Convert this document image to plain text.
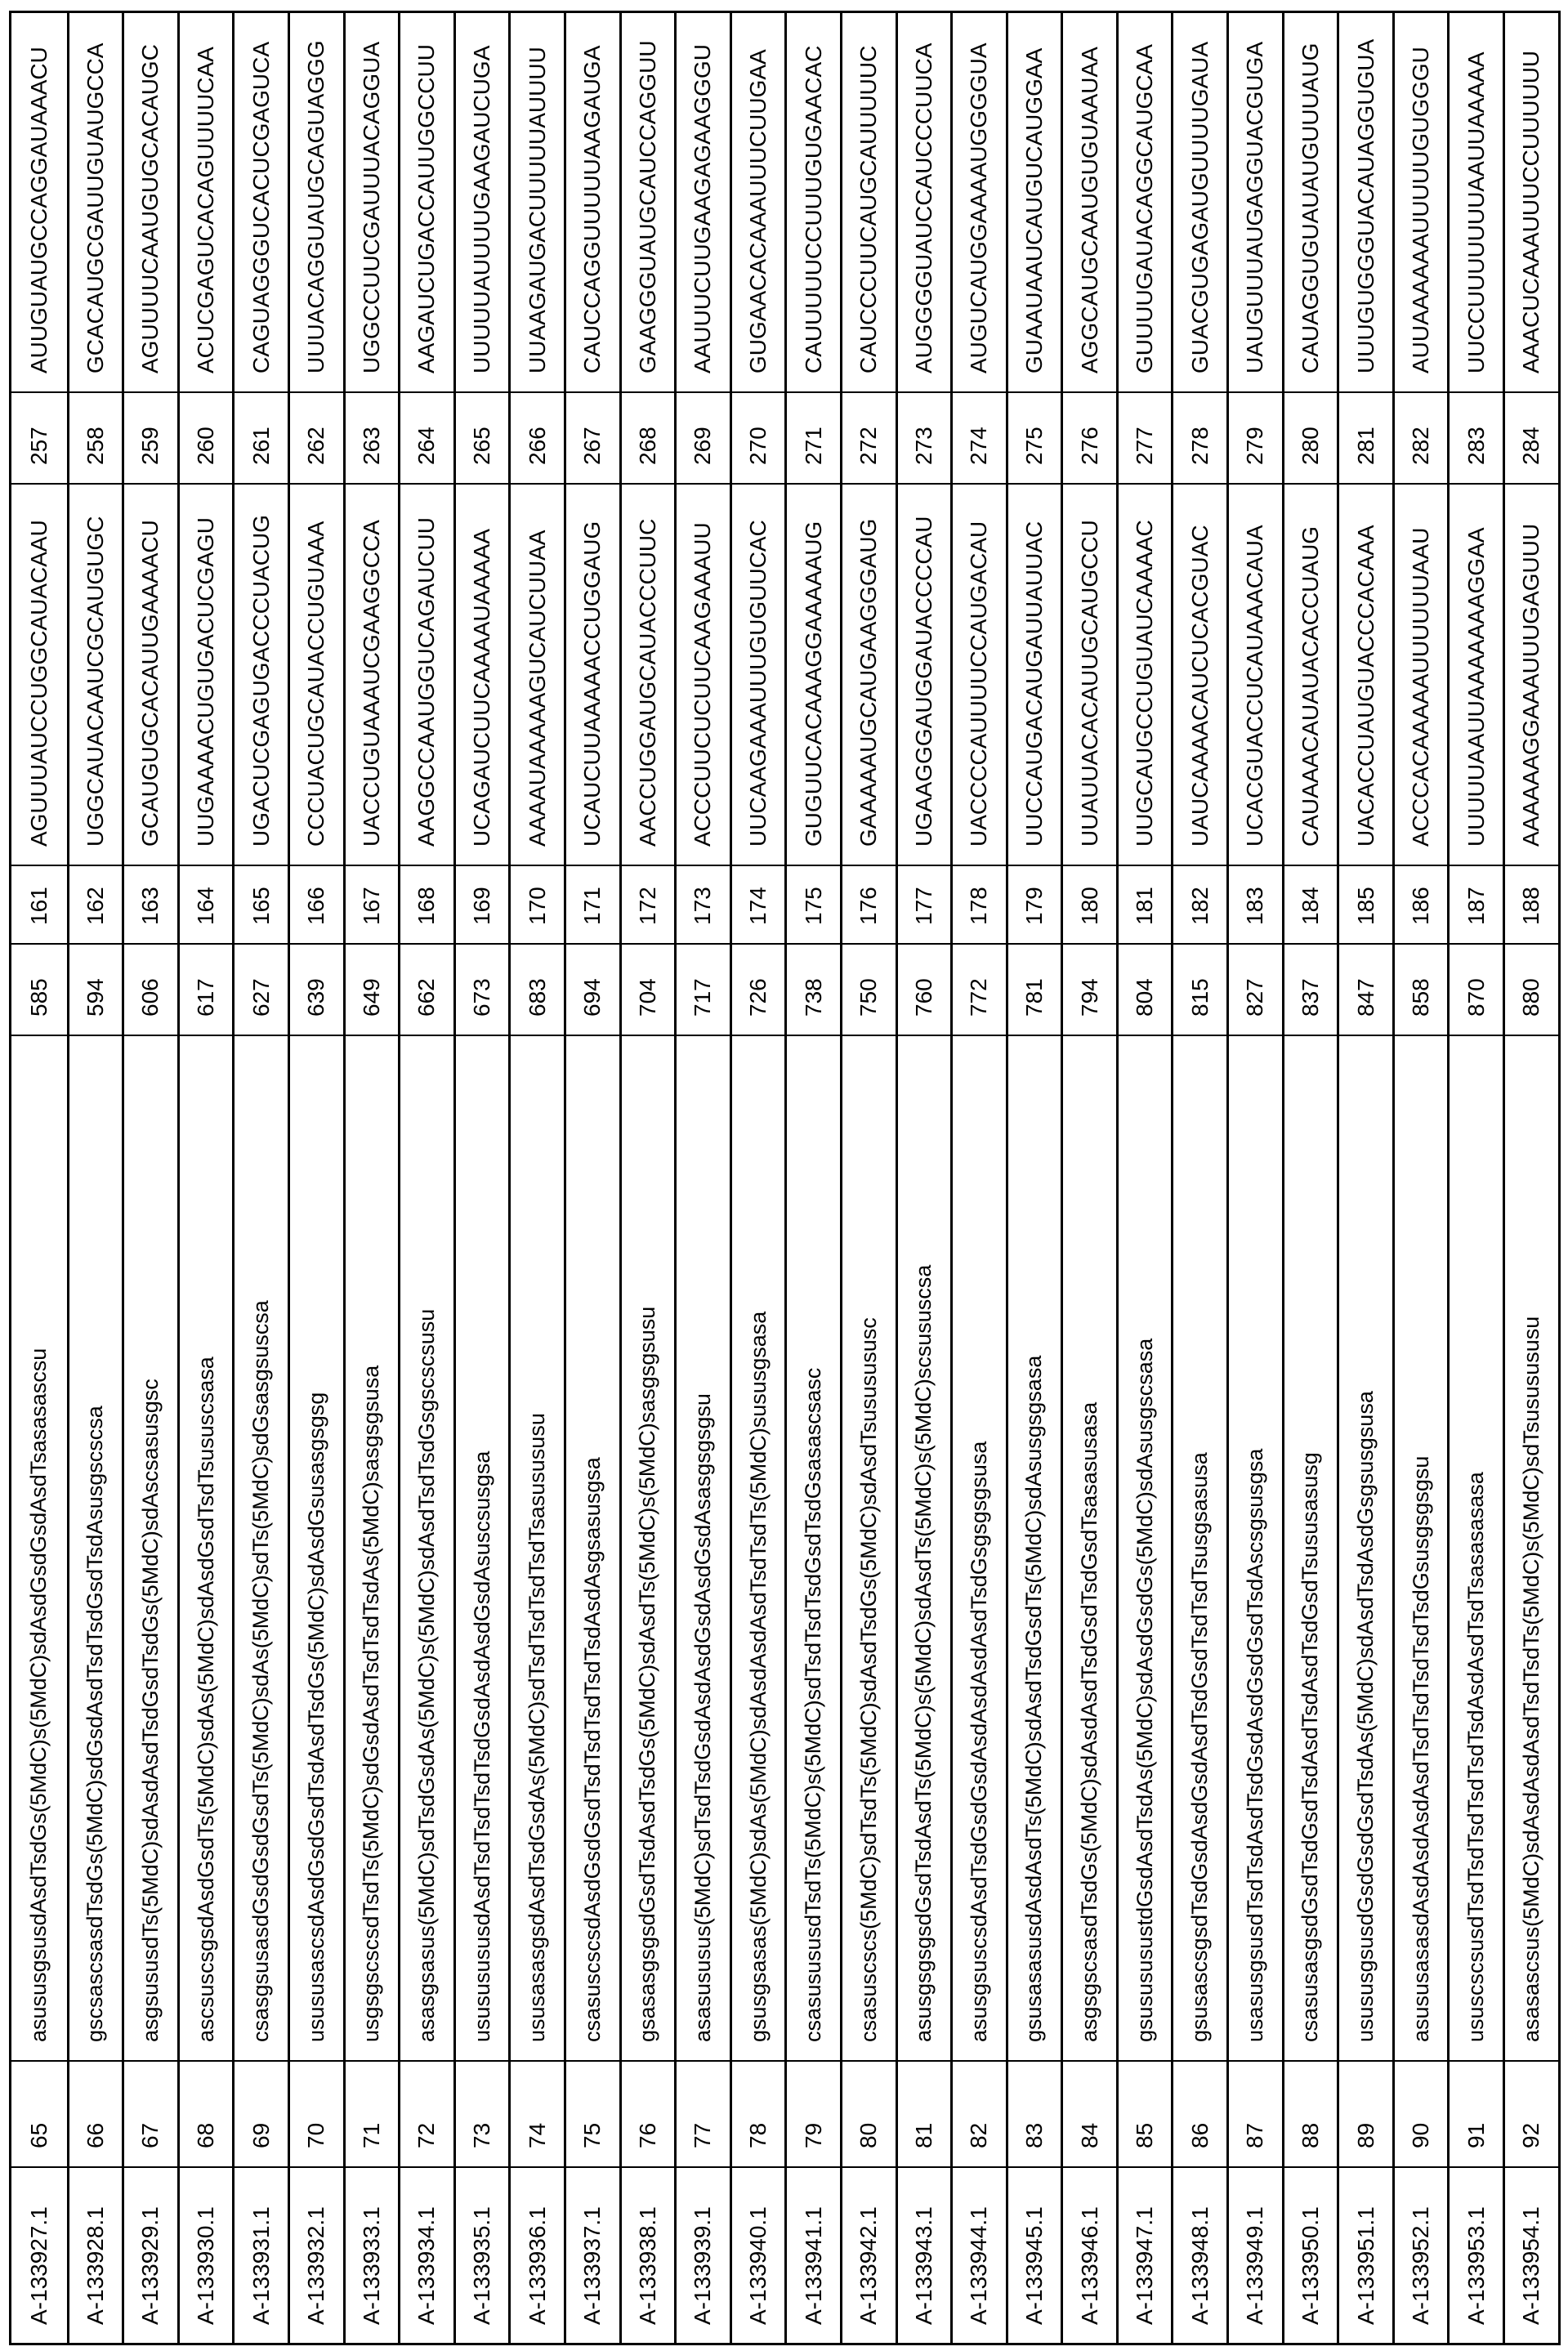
A-133927.1
65
asususgsusdAsdTsdGs(5MdC)s(5MdC)sdAsdGsdGsdAsdTsasasascsu
585
161
AGUUUAUCCUGGCAUACAAU
257
AUUGUAUGCCAGGAUAAACU
A-133928.1
66
gscsascsasdTsdGs(5MdC)sdGsdAsdTsdTsdGsdTsdAsusgscscsa
594
162
UGGCAUACAAUCGCAUGUGC
258
GCACAUGCGAUUGUAUGCCA
A-133929.1
67
asgsususdTs(5MdC)sdAsdAsdTsdGsdTsdGs(5MdC)sdAscsasusgsc
606
163
GCAUGUGCACAUUGAAAACU
259
AGUUUUCAAUGUGCACAUGC
A-133930.1
68
ascsuscsgsdAsdGsdTs(5MdC)sdAs(5MdC)sdAsdGsdTsdTsususcsasa
617
164
UUGAAAACUGUGACUCGAGU
260
ACUCGAGUCACAGUUUUCAA
A-133931.1
69
csasgsusasdGsdGsdGsdTs(5MdC)sdAs(5MdC)sdTs(5MdC)sdGsasgsuscsa
627
165
UGACUCGAGUGACCCUACUG
261
CAGUAGGGUCACUCGAGUCA
A-133932.1
70
usususascsdAsdGsdGsdTsdAsdTsdGs(5MdC)sdAsdGsusasgsgsg
639
166
CCCUACUGCAUACCUGUAAA
262
UUUACAGGUAUGCAGUAGGG
A-133933.1
71
usgsgscscsdTsdTs(5MdC)sdGsdAsdTsdTsdTsdAs(5MdC)sasgsgsusa
649
167
UACCUGUAAAUCGAAGGCCA
263
UGGCCUUCGAUUUACAGGUA
A-133934.1
72
asasgsasus(5MdC)sdTsdGsdAs(5MdC)s(5MdC)sdAsdTsdTsdGsgscscsusu
662
168
AAGGCCAAUGGUCAGAUCUU
264
AAGAUCUGACCAUUGGCCUU
A-133935.1
73
usususususdAsdTsdTsdTsdTsdGsdAsdAsdGsdAsuscsusgsa
673
169
UCAGAUCUUCAAAAUAAAAA
265
UUUUUAUUUUGAAGAUCUGA
A-133936.1
74
ususasasgsdAsdTsdGsdAs(5MdC)sdTsdTsdTsdTsdTsasusususu
683
170
AAAAUAAAAAGUCAUCUUAA
266
UUAAGAUGACUUUUUAUUUU
A-133937.1
75
csasuscscsdAsdGsdGsdTsdTsdTsdTsdTsdAsdAsgsasusgsa
694
171
UCAUCUUAAAAACCUGGAUG
267
CAUCCAGGUUUUUAAGAUGA
A-133938.1
76
gsasasgsgsdGsdTsdAsdTsdGs(5MdC)sdAsdTs(5MdC)s(5MdC)sasgsgsusu
704
172
AACCUGGAUGCAUACCCUUC
268
GAAGGGUAUGCAUCCAGGUU
A-133939.1
77
asasususus(5MdC)sdTsdTsdGsdAsdAsdGsdAsdGsdAsasgsgsgsu
717
173
ACCCUUCUCUUCAAGAAAUU
269
AAUUUCUUGAAGAGAAGGGU
A-133940.1
78
gsusgsasas(5MdC)sdAs(5MdC)sdAsdAsdAsdTsdTsdTs(5MdC)sususgsasa
726
174
UUCAAGAAAUUUGUGUUCAC
270
GUGAACACAAAUUUCUUGAA
A-133941.1
79
csasusususdTsdTs(5MdC)s(5MdC)sdTsdTsdTsdGsdTsdGsasascsasc
738
175
GUGUUCACAAAGGAAAAAUG
271
CAUUUUUCCUUUGUGAACAC
A-133942.1
80
csasuscscs(5MdC)sdTsdTs(5MdC)sdAsdTsdGs(5MdC)sdAsdTsususususc
750
176
GAAAAAUGCAUGAAGGGAUG
272
CAUCCCUUCAUGCAUUUUUC
A-133943.1
81
asusgsgsgsdGsdTsdAsdTs(5MdC)s(5MdC)sdAsdTs(5MdC)s(5MdC)scsususcsa
760
177
UGAAGGGAUGGAUACCCCAU
273
AUGGGGUAUCCAUCCCUUCA
A-133944.1
82
asusgsuscsdAsdTsdGsdGsdAsdAsdAsdAsdTsdGsgsgsgsusa
772
178
UACCCCAUUUUCCAUGACAU
274
AUGUCAUGGAAAAUGGGGUA
A-133945.1
83
gsusasasusdAsdAsdTs(5MdC)sdAsdTsdGsdTs(5MdC)sdAsusgsgsasa
781
179
UUCCAUGACAUGAUUAUUAC
275
GUAAUAAUCAUGUCAUGGAA
A-133946.1
84
asgsgscsasdTsdGs(5MdC)sdAsdAsdTsdGsdTsdGsdTsasasusasa
794
180
UUAUUACACAUUGCAUGCCU
276
AGGCAUGCAAUGUGUAAUAA
A-133947.1
85
gsusususustdGsdAsdTsdAs(5MdC)sdAsdGsdGs(5MdC)sdAsusgscsasa
804
181
UUGCAUGCCUGUAUCAAAAC
277
GUUUUGAUACAGGCAUGCAA
A-133948.1
86
gsusascsgsdTsdGsdAsdGsdAsdTsdGsdTsdTsdTsusgsasusa
815
182
UAUCAAAACAUCUCACGUAC
278
GUACGUGAGAUGUUUUGAUA
A-133949.1
87
usasusgsusdTsdTsdAsdTsdGsdAsdGsdGsdTsdAscsgsusgsa
827
183
UCACGUACCUCAUAAACAUA
279
UAUGUUUAUGAGGUACGUGA
A-133950.1
88
csasusasgsdGsdTsdGsdTsdAsdTsdAsdTsdGsdTsususasusg
837
184
CAUAAACAUAUACACCUAUG
280
CAUAGGUGUAUAUGUUUAUG
A-133951.1
89
usususgsusdGsdGsdGsdTsdAs(5MdC)sdAsdTsdAsdGsgsusgsusa
847
185
UACACCUAUGUACCCACAAA
281
UUUGUGGGUACAUAGGUGUA
A-133952.1
90
asususasasdAsdAsdAsdAsdTsdTsdTsdTsdTsdGsusgsgsgsu
858
186
ACCCACAAAAAUUUUUUAAU
282
AUUAAAAAAUUUUUGUGGGU
A-133953.1
91
ususcscsusdTsdTsdTsdTsdTsdTsdAsdAsdTsdTsasasasasa
870
187
UUUUUAAUUAAAAAAAGGAA
283
UUCCUUUUUUUAAUUAAAAA
A-133954.1
92
asasascsus(5MdC)sdAsdAsdAsdTsdTsdTs(5MdC)s(5MdC)sdTsususususu
880
188
AAAAAAGGAAAUUUGAGUUU
284
AAACUCAAAUUUCCUUUUUU
